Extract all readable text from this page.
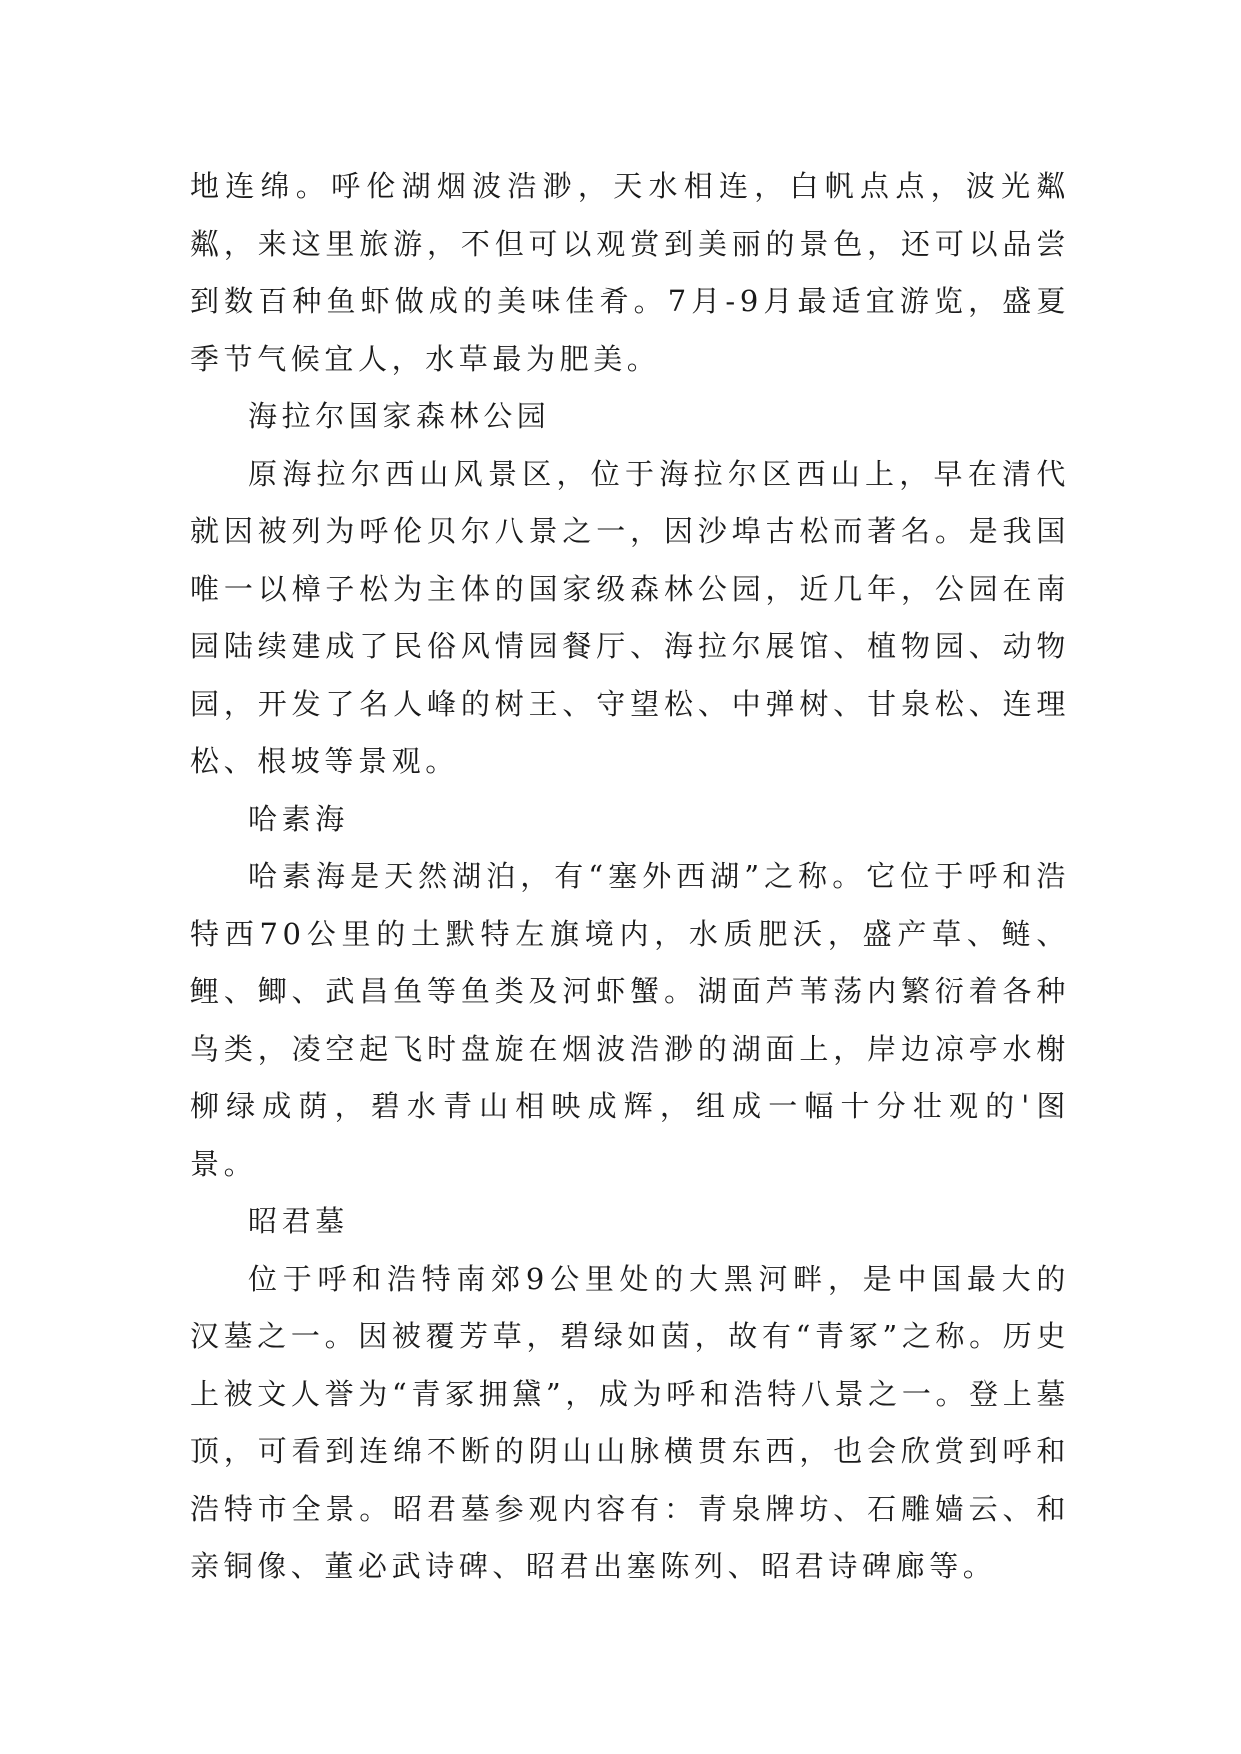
地连绵。呼伦湖烟波浩渺，天水相连，白帆点点，波光粼粼，来这里旅游，不但可以观赏到美丽的景色，还可以品尝到数百种鱼虾做成的美味佳肴。7月-9月最适宜游览，盛夏季节气候宜人，水草最为肥美。

海拉尔国家森林公园

原海拉尔西山风景区，位于海拉尔区西山上，早在清代就因被列为呼伦贝尔八景之一，因沙埠古松而著名。是我国唯一以樟子松为主体的国家级森林公园，近几年，公园在南园陆续建成了民俗风情园餐厅、海拉尔展馆、植物园、动物园，开发了名人峰的树王、守望松、中弹树、甘泉松、连理松、根坡等景观。

哈素海

哈素海是天然湖泊，有“塞外西湖”之称。它位于呼和浩特西70公里的土默特左旗境内，水质肥沃，盛产草、鲢、鲤、鲫、武昌鱼等鱼类及河虾蟹。湖面芦苇荡内繁衍着各种鸟类，凌空起飞时盘旋在烟波浩渺的湖面上，岸边凉亭水榭柳绿成荫，碧水青山相映成辉，组成一幅十分壮观的'图景。

昭君墓

位于呼和浩特南郊9公里处的大黑河畔，是中国最大的汉墓之一。因被覆芳草，碧绿如茵，故有“青冢”之称。历史上被文人誉为“青冢拥黛”，成为呼和浩特八景之一。登上墓顶，可看到连绵不断的阴山山脉横贯东西，也会欣赏到呼和浩特市全景。昭君墓参观内容有：青泉牌坊、石雕嫱云、和亲铜像、董必武诗碑、昭君出塞陈列、昭君诗碑廊等。
